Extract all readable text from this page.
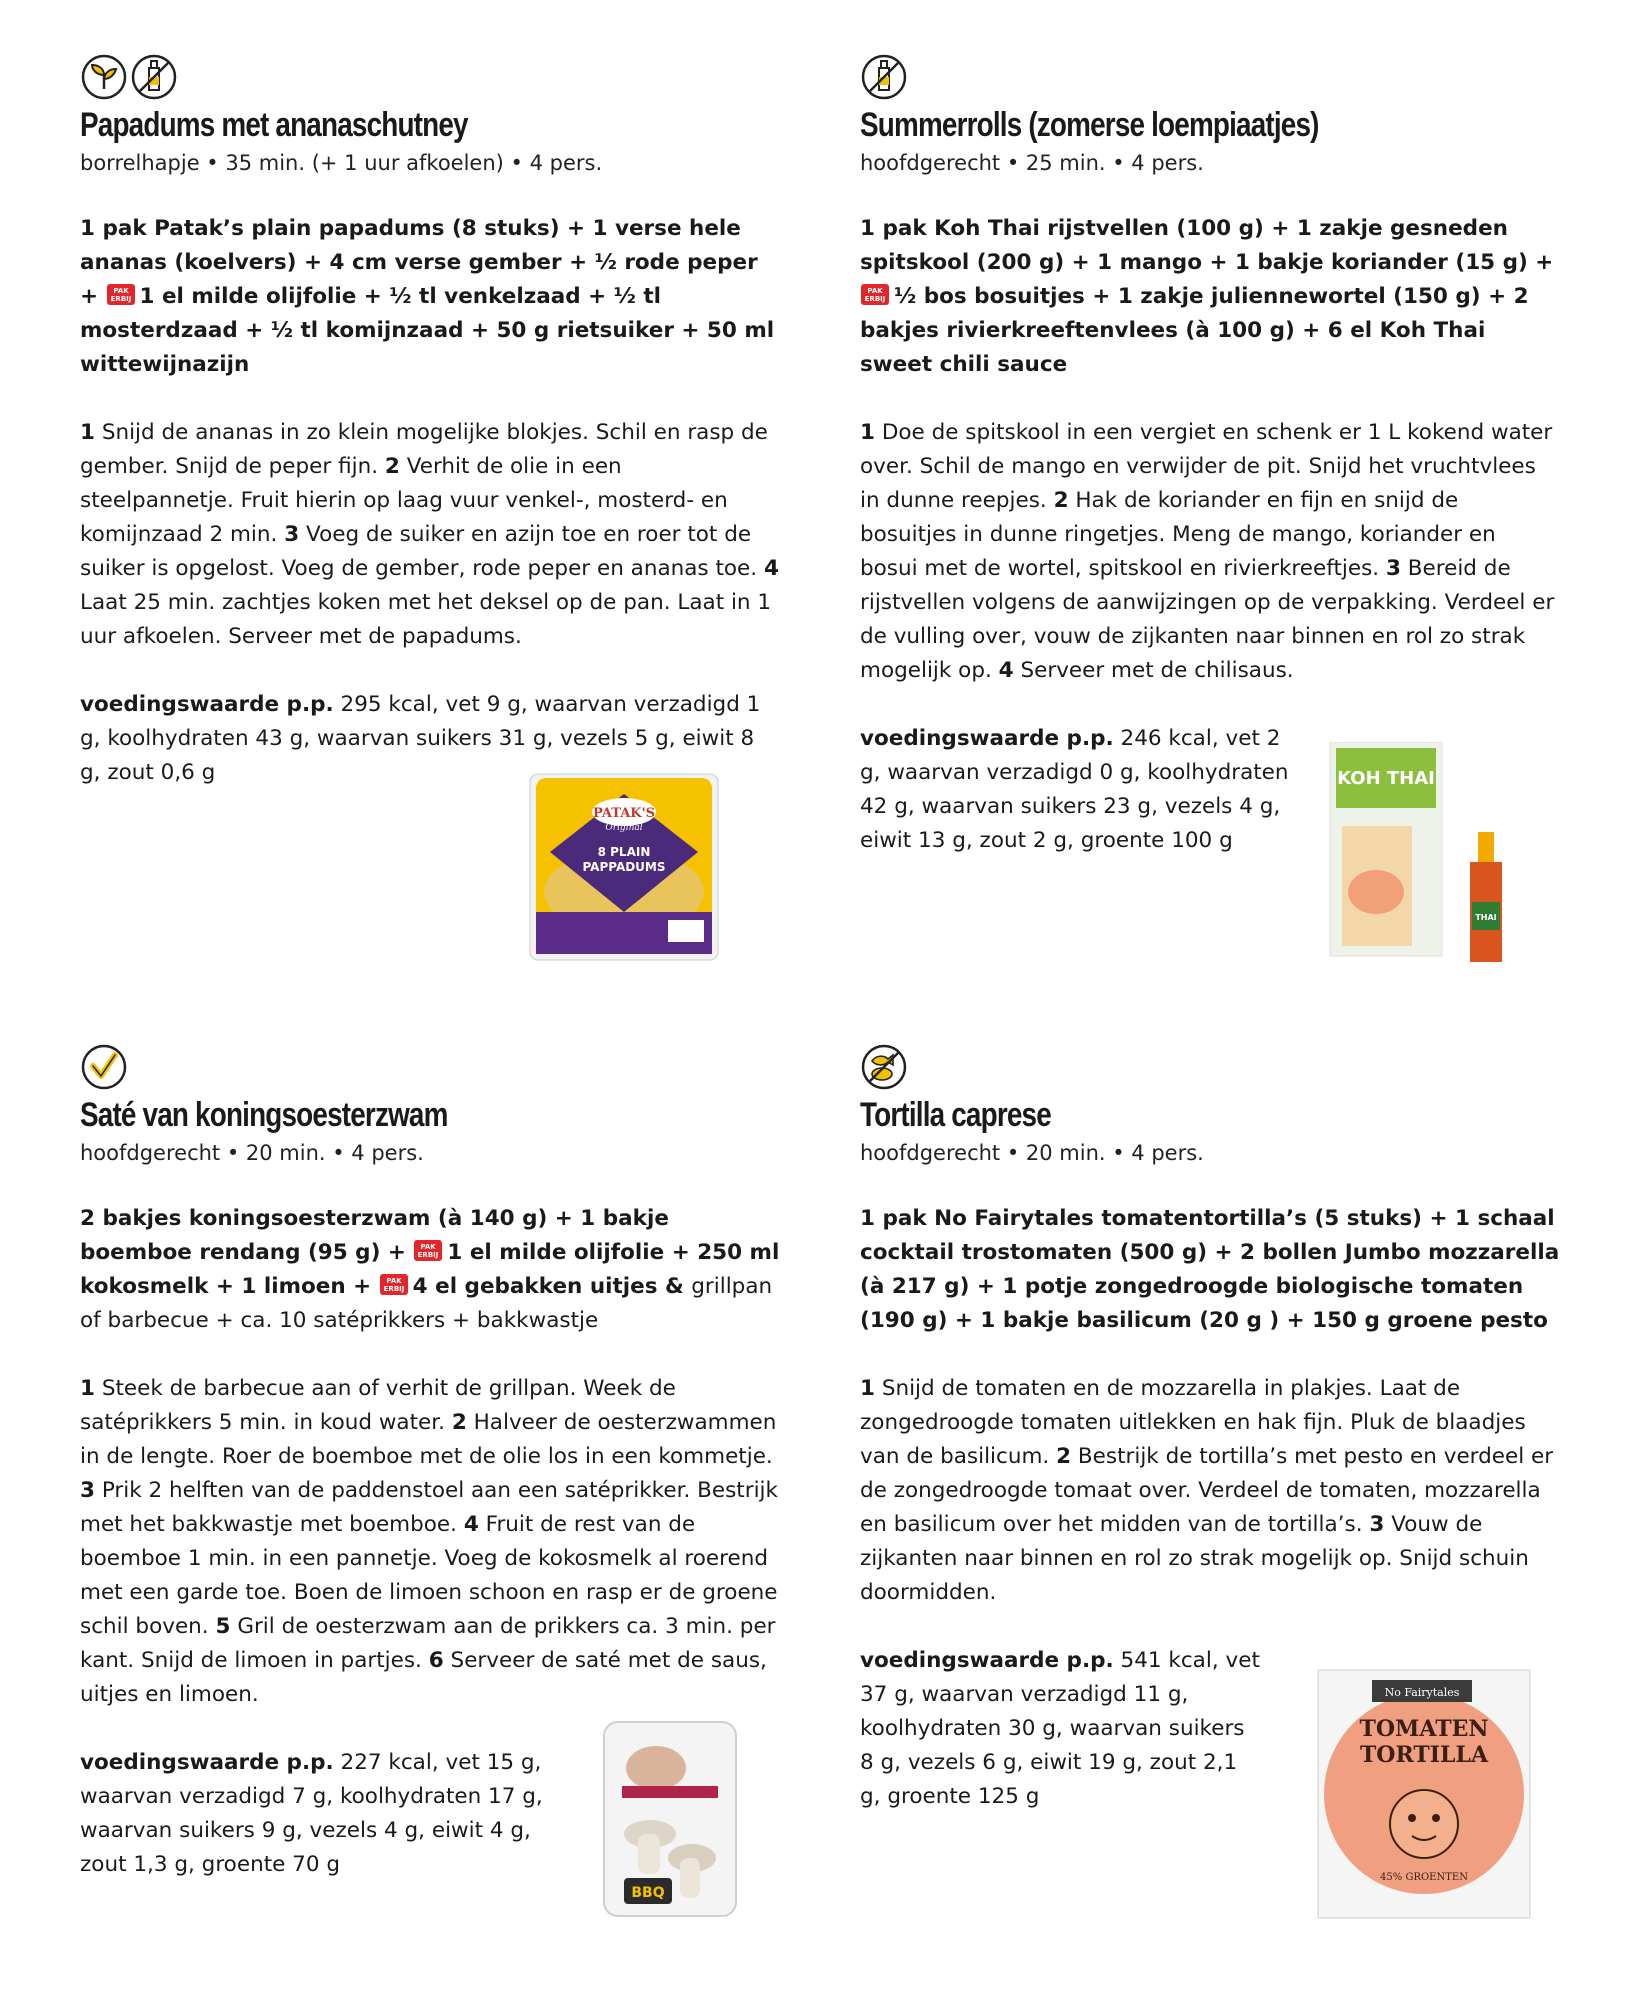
Papadums met ananaschutney
borrelhapje • 35 min. (+ 1 uur afkoelen) • 4 pers.
1 pak Patak’s plain papadums (8 stuks) + 1 verse hele ananas (koelvers) + 4 cm verse gember + ½ rode peper + PAK
ERBIJ 1 el milde olijfolie + ½ tl venkelzaad + ½ tl mosterdzaad + ½ tl komijnzaad + 50 g rietsuiker + 50 ml wittewijnazijn
1 Snijd de ananas in zo klein mogelijke blokjes. Schil en rasp de gember. Snijd de peper fijn. 2 Verhit de olie in een steelpannetje. Fruit hierin op laag vuur venkel-, mosterd- en komijnzaad 2 min. 3 Voeg de suiker en azijn toe en roer tot de suiker is opgelost. Voeg de gember, rode peper en ananas toe. 4 Laat 25 min. zachtjes koken met het deksel op de pan. Laat in 1 uur afkoelen. Serveer met de papadums.
voedingswaarde p.p. 295 kcal, vet 9 g, waarvan verzadigd 1 g, koolhydraten 43 g, waarvan suikers 31 g, vezels 5 g, eiwit 8 g, zout 0,6 g
PATAK'S
Original
8 PLAIN
PAPPADUMS
Summerrolls (zomerse loempiaatjes)
hoofdgerecht • 25 min. • 4 pers.
1 pak Koh Thai rijstvellen (100 g) + 1 zakje gesneden spitskool (200 g) + 1 mango + 1 bakje koriander (15 g) +
PAK
ERBIJ ½ bos bosuitjes + 1 zakje juliennewortel (150 g) + 2 bakjes rivierkreeftenvlees (à 100 g) + 6 el Koh Thai sweet chili sauce
1 Doe de spitskool in een vergiet en schenk er 1 L kokend water over. Schil de mango en verwijder de pit. Snijd het vruchtvlees in dunne reepjes. 2 Hak de koriander en fijn en snijd de bosuitjes in dunne ringetjes. Meng de mango, koriander en bosui met de wortel, spitskool en rivierkreeftjes. 3 Bereid de rijstvellen volgens de aanwijzingen op de verpakking. Verdeel er de vulling over, vouw de zijkanten naar binnen en rol zo strak mogelijk op. 4 Serveer met de chilisaus.
voedingswaarde p.p. 246 kcal, vet 2 g, waarvan verzadigd 0 g, koolhydraten 42 g, waarvan suikers 23 g, vezels 4 g, eiwit 13 g, zout 2 g, groente 100 g
KOH THAI
THAI
Saté van koningsoesterzwam
hoofdgerecht • 20 min. • 4 pers.
2 bakjes koningsoesterzwam (à 140 g) + 1 bakje boemboe rendang (95 g) + PAK
ERBIJ 1 el milde olijfolie + 250 ml kokosmelk + 1 limoen + PAK
ERBIJ 4 el gebakken uitjes & grillpan of barbecue + ca. 10 satéprikkers + bakkwastje
1 Steek de barbecue aan of verhit de grillpan. Week de satéprikkers 5 min. in koud water. 2 Halveer de oesterzwammen in de lengte. Roer de boemboe met de olie los in een kommetje. 3 Prik 2 helften van de paddenstoel aan een satéprikker. Bestrijk met het bakkwastje met boemboe. 4 Fruit de rest van de boemboe 1 min. in een pannetje. Voeg de kokosmelk al roerend met een garde toe. Boen de limoen schoon en rasp er de groene schil boven. 5 Gril de oesterzwam aan de prikkers ca. 3 min. per kant. Snijd de limoen in partjes. 6 Serveer de saté met de saus, uitjes en limoen.
voedingswaarde p.p. 227 kcal, vet 15 g, waarvan verzadigd 7 g, koolhydraten 17 g, waarvan suikers 9 g, vezels 4 g, eiwit 4 g, zout 1,3 g, groente 70 g
BBQ
Tortilla caprese
hoofdgerecht • 20 min. • 4 pers.
1 pak No Fairytales tomatentortilla’s (5 stuks) + 1 schaal cocktail trostomaten (500 g) + 2 bollen Jumbo mozzarella (à 217 g) + 1 potje zongedroogde biologische tomaten (190 g) + 1 bakje basilicum (20 g ) + 150 g groene pesto
1 Snijd de tomaten en de mozzarella in plakjes. Laat de zongedroogde tomaten uitlekken en hak fijn. Pluk de blaadjes van de basilicum. 2 Bestrijk de tortilla’s met pesto en verdeel er de zongedroogde tomaat over. Verdeel de tomaten, mozzarella en basilicum over het midden van de tortilla’s. 3 Vouw de zijkanten naar binnen en rol zo strak mogelijk op. Snijd schuin doormidden.
voedingswaarde p.p. 541 kcal, vet 37 g, waarvan verzadigd 11 g, koolhydraten 30 g, waarvan suikers 8 g, vezels 6 g, eiwit 19 g, zout 2,1 g, groente 125 g
No Fairytales
TOMATEN
TORTILLA
45% GROENTEN
